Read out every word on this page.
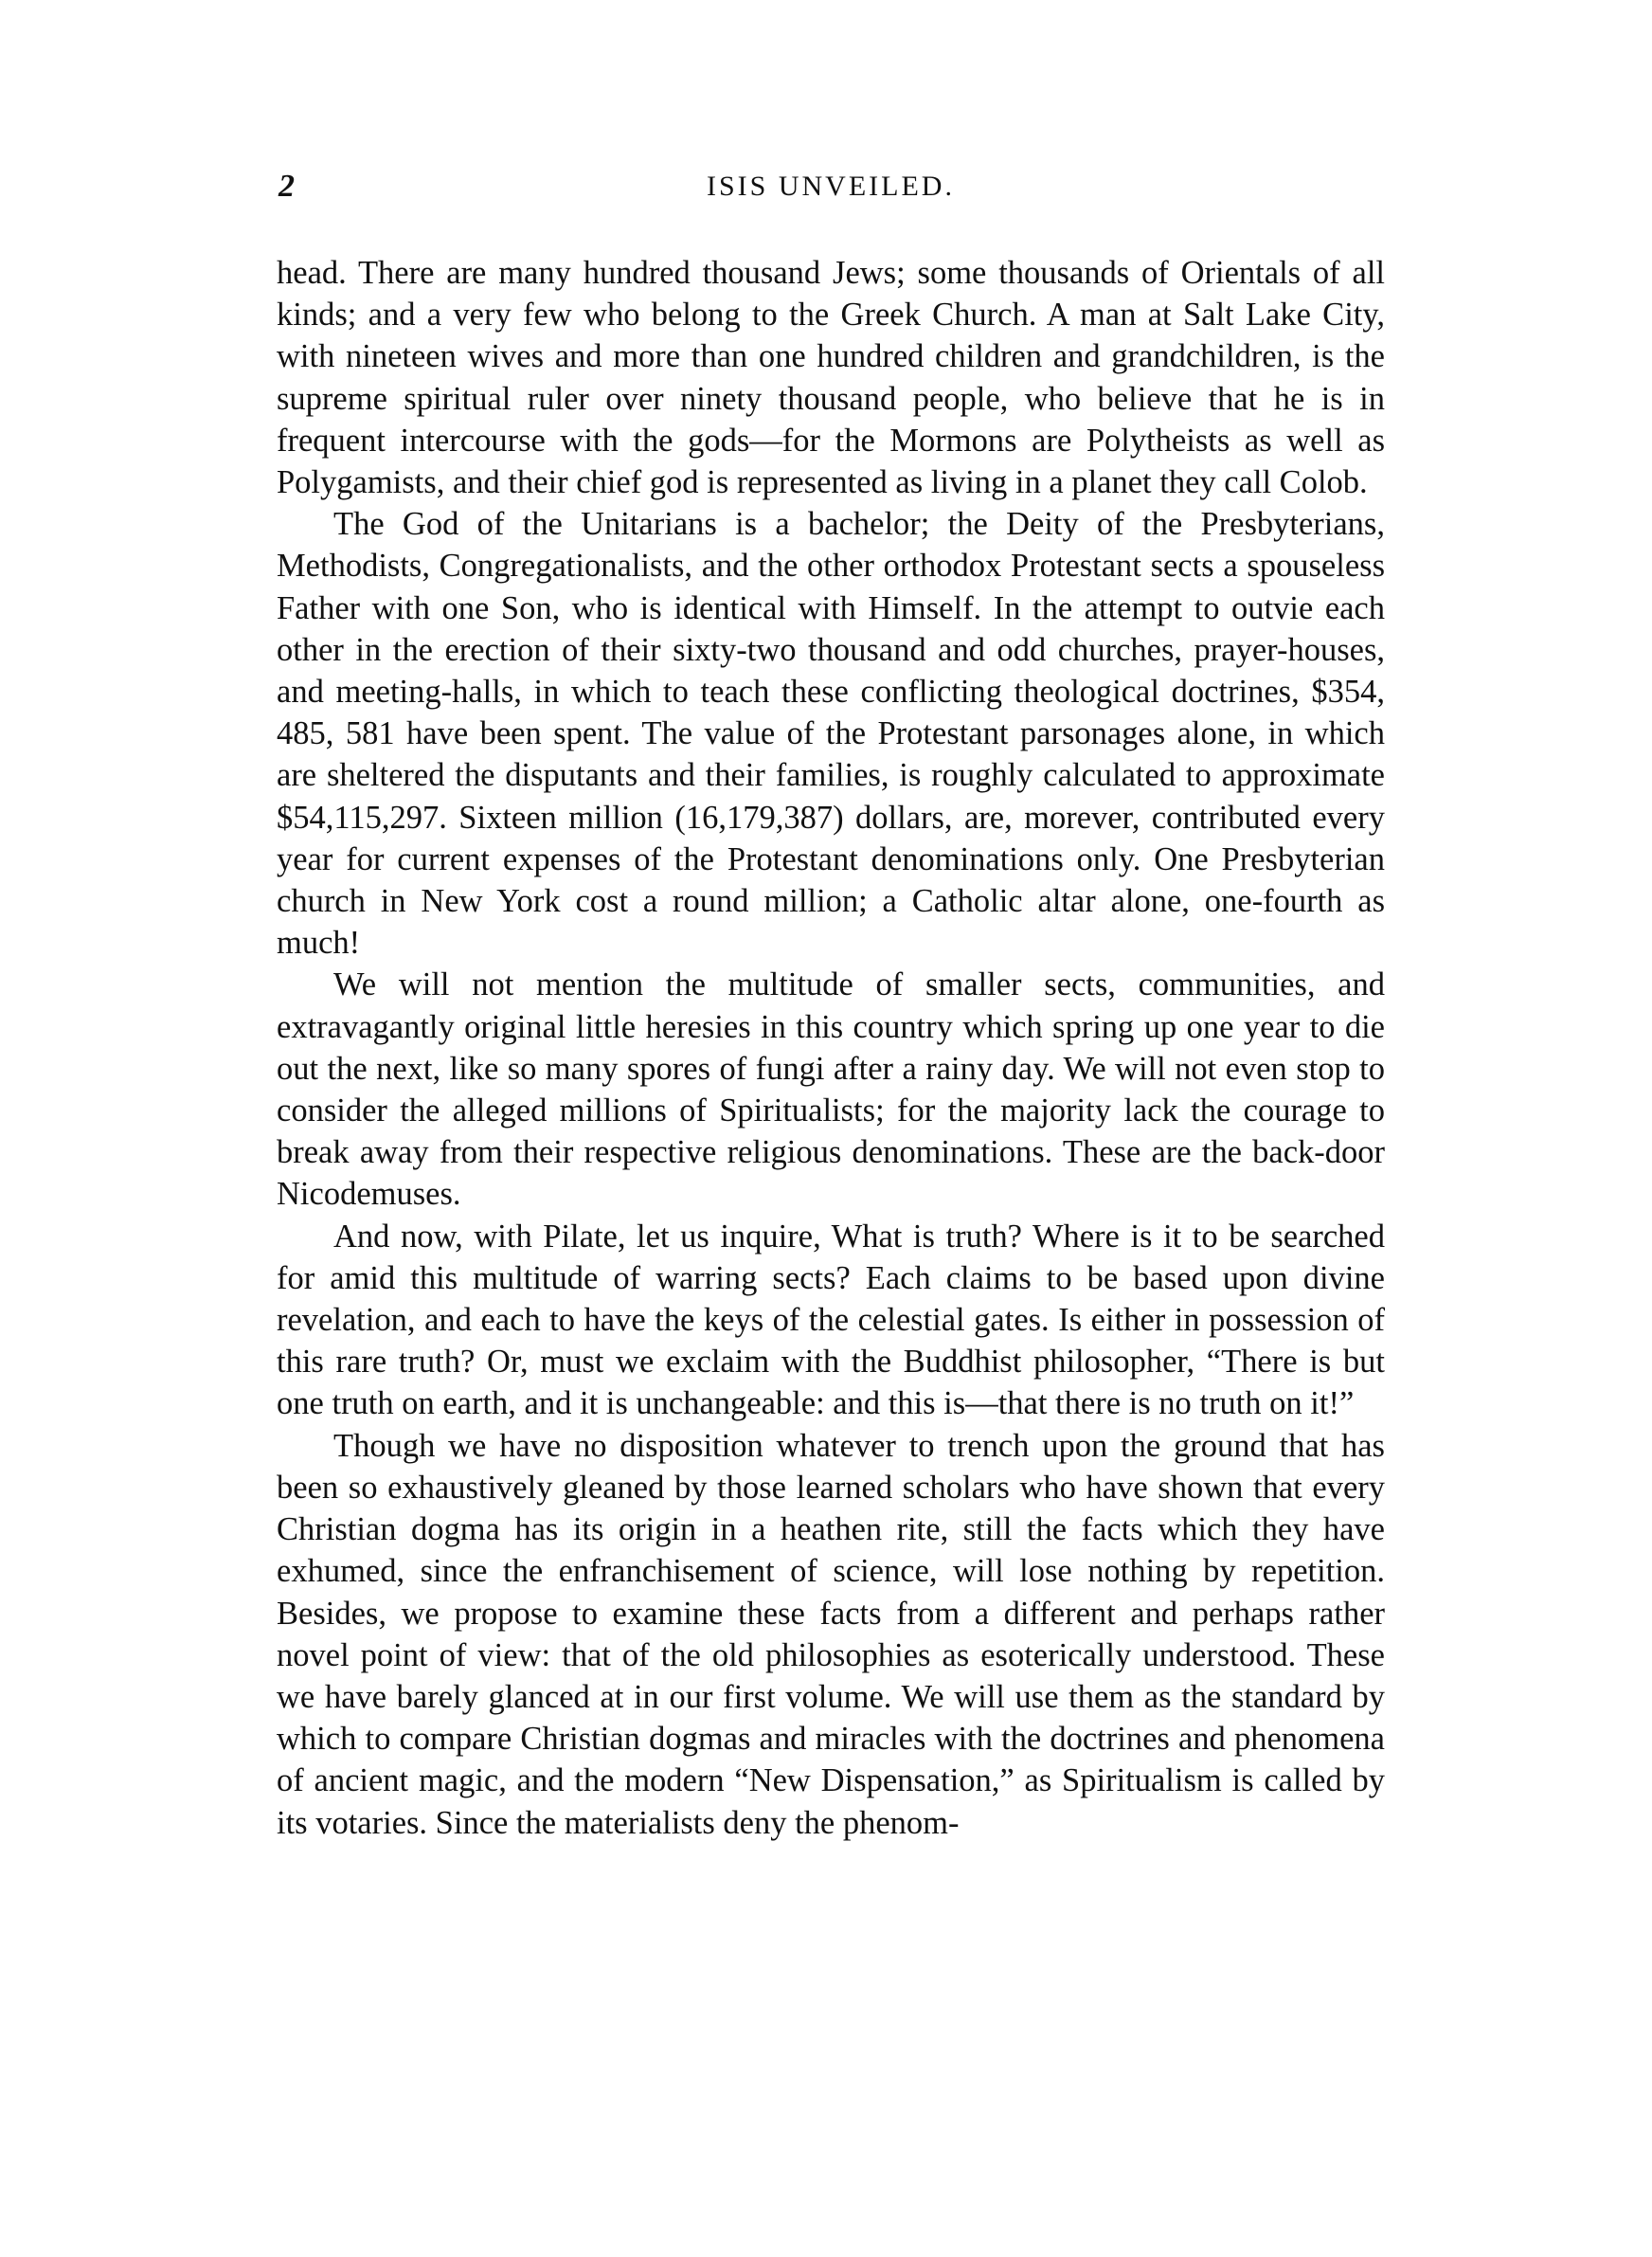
2	ISIS UNVEILED.

head. There are many hundred thousand Jews; some thousands of Orientals of all kinds; and a very few who belong to the Greek Church. A man at Salt Lake City, with nineteen wives and more than one hundred children and grandchildren, is the supreme spiritual ruler over ninety thousand people, who believe that he is in frequent intercourse with the gods—for the Mormons are Polytheists as well as Polygamists, and their chief god is represented as living in a planet they call Colob.

The God of the Unitarians is a bachelor; the Deity of the Presbyterians, Methodists, Congregationalists, and the other orthodox Protestant sects a spouseless Father with one Son, who is identical with Himself. In the attempt to outvie each other in the erection of their sixty-two thousand and odd churches, prayer-houses, and meeting-halls, in which to teach these conflicting theological doctrines, $354, 485, 581 have been spent. The value of the Protestant parsonages alone, in which are sheltered the disputants and their families, is roughly calculated to approximate $54,115,297. Sixteen million (16,179,387) dollars, are, morever, contributed every year for current expenses of the Protestant denominations only. One Presbyterian church in New York cost a round million; a Catholic altar alone, one-fourth as much!

We will not mention the multitude of smaller sects, communities, and extravagantly original little heresies in this country which spring up one year to die out the next, like so many spores of fungi after a rainy day. We will not even stop to consider the alleged millions of Spiritualists; for the majority lack the courage to break away from their respective religious denominations. These are the back-door Nicodemuses.

And now, with Pilate, let us inquire, What is truth? Where is it to be searched for amid this multitude of warring sects? Each claims to be based upon divine revelation, and each to have the keys of the celestial gates. Is either in possession of this rare truth? Or, must we exclaim with the Buddhist philosopher, “There is but one truth on earth, and it is unchangeable: and this is—that there is no truth on it!”

Though we have no disposition whatever to trench upon the ground that has been so exhaustively gleaned by those learned scholars who have shown that every Christian dogma has its origin in a heathen rite, still the facts which they have exhumed, since the enfranchisement of science, will lose nothing by repetition. Besides, we propose to examine these facts from a different and perhaps rather novel point of view: that of the old philosophies as esoterically understood. These we have barely glanced at in our first volume. We will use them as the standard by which to compare Christian dogmas and miracles with the doctrines and phenomena of ancient magic, and the modern “New Dispensation,” as Spiritualism is called by its votaries. Since the materialists deny the phenom-
